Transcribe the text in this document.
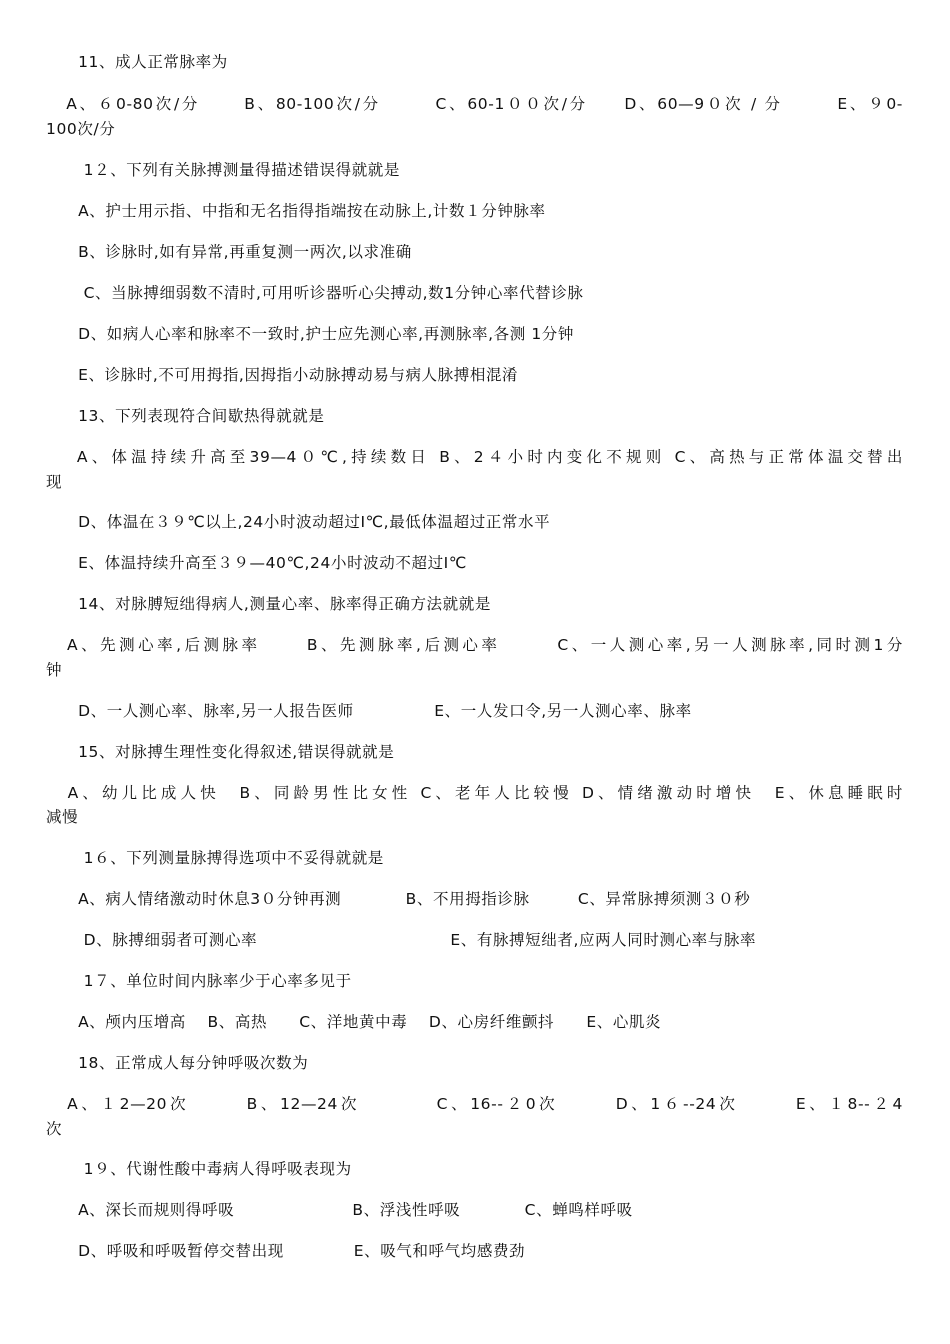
　11、成人正常脉率为
　A、６0-80次/分　　 B、80-100次/分　　　C、60-1００次/分　　D、60—9０次 / 分　　　E、９0-
100次/分
　 1２、下列有关脉搏测量得描述错误得就就是
　A、护士用示指、中指和无名指得指端按在动脉上,计数１分钟脉率
　B、诊脉时,如有异常,再重复测一两次,以求准确
　 C、当脉搏细弱数不清时,可用听诊器听心尖搏动,数1分钟心率代替诊脉
　D、如病人心率和脉率不一致时,护士应先测心率,再测脉率,各测 1分钟
　E、诊脉时,不可用拇指,因拇指小动脉搏动易与病人脉搏相混淆
　13、下列表现符合间歇热得就就是
　 A、体温持续升高至39—4０℃,持续数日 B、2４小时内变化不规则 C、高热与正常体温交替出
现
　D、体温在３９℃以上,24小时波动超过Ⅰ℃,最低体温超过正常水平
　E、体温持续升高至３９—40℃,24小时波动不超过Ⅰ℃
　14、对脉膊短绌得病人,测量心率、脉率得正确方法就就是
　A、先测心率,后测脉率　　 B、先测脉率,后测心率　　　C、一人测心率,另一人测脉率,同时测1分
钟
　D、一人测心率、脉率,另一人报告医师　　　　　E、一人发口令,另一人测心率、脉率
　15、对脉搏生理性变化得叙述,错误得就就是
　A、幼儿比成人快　B、同龄男性比女性 C、老年人比较慢 D、情绪激动时增快　E、休息睡眠时
减慢
　 1６、下列测量脉搏得选项中不妥得就就是
　A、病人情绪激动时休息3０分钟再测　　　　B、不用拇指诊脉　　　C、异常脉搏须测３０秒
　 D、脉搏细弱者可测心率　　　　　　　　　　　　E、有脉搏短绌者,应两人同时测心率与脉率
　 1７、单位时间内脉率少于心率多见于
　A、颅内压增高　 B、高热　　C、洋地黄中毒　 D、心房纤维颤抖　　E、心肌炎
　18、正常成人每分钟呼吸次数为
　A、１2—20次　　　B、12—24次　　　　C、16--２0次　　　D、1６--24次　　　E、１8--２4
次
　 1９、代谢性酸中毒病人得呼吸表现为
　A、深长而规则得呼吸　　　　　　　 B、浮浅性呼吸　　　　C、蝉鸣样呼吸
　D、呼吸和呼吸暂停交替出现　　　　 E、吸气和呼气均感费劲
